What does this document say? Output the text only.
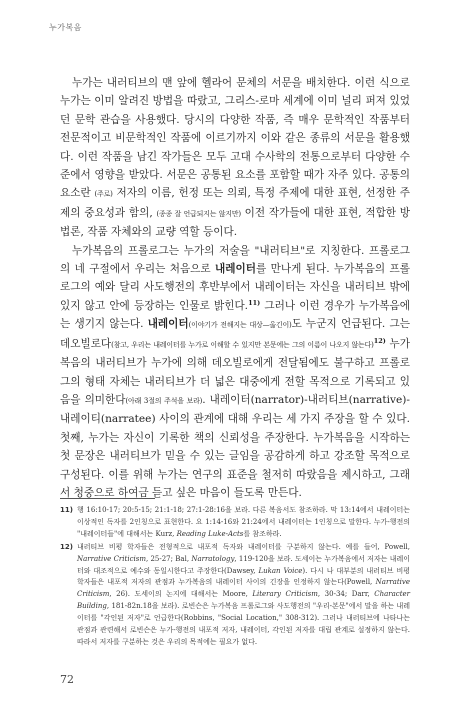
누가복음

누가는 내러티브의 맨 앞에 헬라어 문체의 서문을 배치한다. 이런 식으로 누가는 이미 알려진 방법을 따랐고, 그리스-로마 세계에 이미 널리 퍼져 있었던 문학 관습을 사용했다. 당시의 다양한 작품, 즉 매우 문학적인 작품부터 전문적이고 비문학적인 작품에 이르기까지 이와 같은 종류의 서문을 활용했다. 이런 작품을 남긴 작가들은 모두 고대 수사학의 전통으로부터 다양한 수준에서 영향을 받았다. 서문은 공통된 요소를 포함할 때가 자주 있다. 공통의 요소란 (주로) 저자의 이름, 헌정 또는 의뢰, 특정 주제에 대한 표현, 선정한 주제의 중요성과 함의, (종종 잘 언급되지는 않지만) 이전 작가들에 대한 표현, 적합한 방법론, 작품 자체와의 교량 역할 등이다.

누가복음의 프롤로그는 누가의 저술을 "내러티브"로 지칭한다. 프롤로그의 네 구절에서 우리는 처음으로 내레이터를 만나게 된다. 누가복음의 프롤로그의 예와 달리 사도행전의 후반부에서 내레이터는 자신을 내러티브 밖에 있지 않고 안에 등장하는 인물로 밝힌다.$^{11)}$ 그러나 이런 경우가 누가복음에는 생기지 않는다. 내레이터(이야기가 전해지는 대상—옮긴이)도 누군지 언급된다. 그는 데오빌로다(참고, 우리는 내레이터를 누가로 이해할 수 있지만 본문에는 그의 이름이 나오지 않는다)$^{12)}$ 누가복음의 내러티브가 누가에 의해 데오빌로에게 전달됨에도 불구하고 프롤로그의 형태 자체는 내러티브가 더 넓은 대중에게 전할 목적으로 기록되고 있음을 의미한다(아래 3절의 주석을 보라). 내레이터(narrator)-내러티브(narrative)-내레이티(narratee) 사이의 관계에 대해 우리는 세 가지 주장을 할 수 있다. 첫째, 누가는 자신이 기록한 책의 신뢰성을 주장한다. 누가복음을 시작하는 첫 문장은 내러티브가 믿을 수 있는 글임을 공감하게 하고 강조할 목적으로 구성된다. 이를 위해 누가는 연구의 표준을 철저히 따랐음을 제시하고, 그래서 청중으로 하여금 듣고 싶은 마음이 들도록 만든다.

11) 행 16:10-17; 20:5-15; 21:1-18; 27:1-28:16을 보라. 다른 복음서도 참조하라. 막 13:14에서 내레이터는 이상적인 독자를 2인칭으로 표현한다. 요 1:14-16와 21:24에서 내레이터는 1인칭으로 말한다. 누가-행전의 "내레이터들"에 대해서는 Kurz, Reading Luke-Acts를 참조하라.
12) 내러티브 비평 학자들은 전형적으로 내포적 독자와 내레이터를 구분하지 않는다. 예를 들어, Powell, Narrative Criticism, 25-27; Bal, Narratology, 119-120을 보라. 도세이는 누가복음에서 저자는 내레이터와 대조적으로 예수와 동일시한다고 주장한다(Dawsey, Lukan Voice). 다시 나 대부분의 내러티브 비평 학자들은 내포적 저자의 관점과 누가복음의 내레이터 사이의 긴장을 인정하지 않는다(Powell, Narrative Criticism, 26). 도세이의 논지에 대해서는 Moore, Literary Criticism, 30-34; Darr, Character Building, 181-82n.18을 보라). 로빈슨은 누가복음 프롤로그와 사도행전의 "우리-본문"에서 말을 하는 내레이터를 "각인된 저자"로 언급한다(Robbins, "Social Location," 308-312). 그러나 내러티브에 나타나는 관점과 관련해서 로빈슨은 누가-행전의 내포적 저자, 내레이터, 각인된 저자를 대립 관계로 설정하지 않는다. 따라서 저자를 구분하는 것은 우리의 목적에는 필요가 없다.
72
